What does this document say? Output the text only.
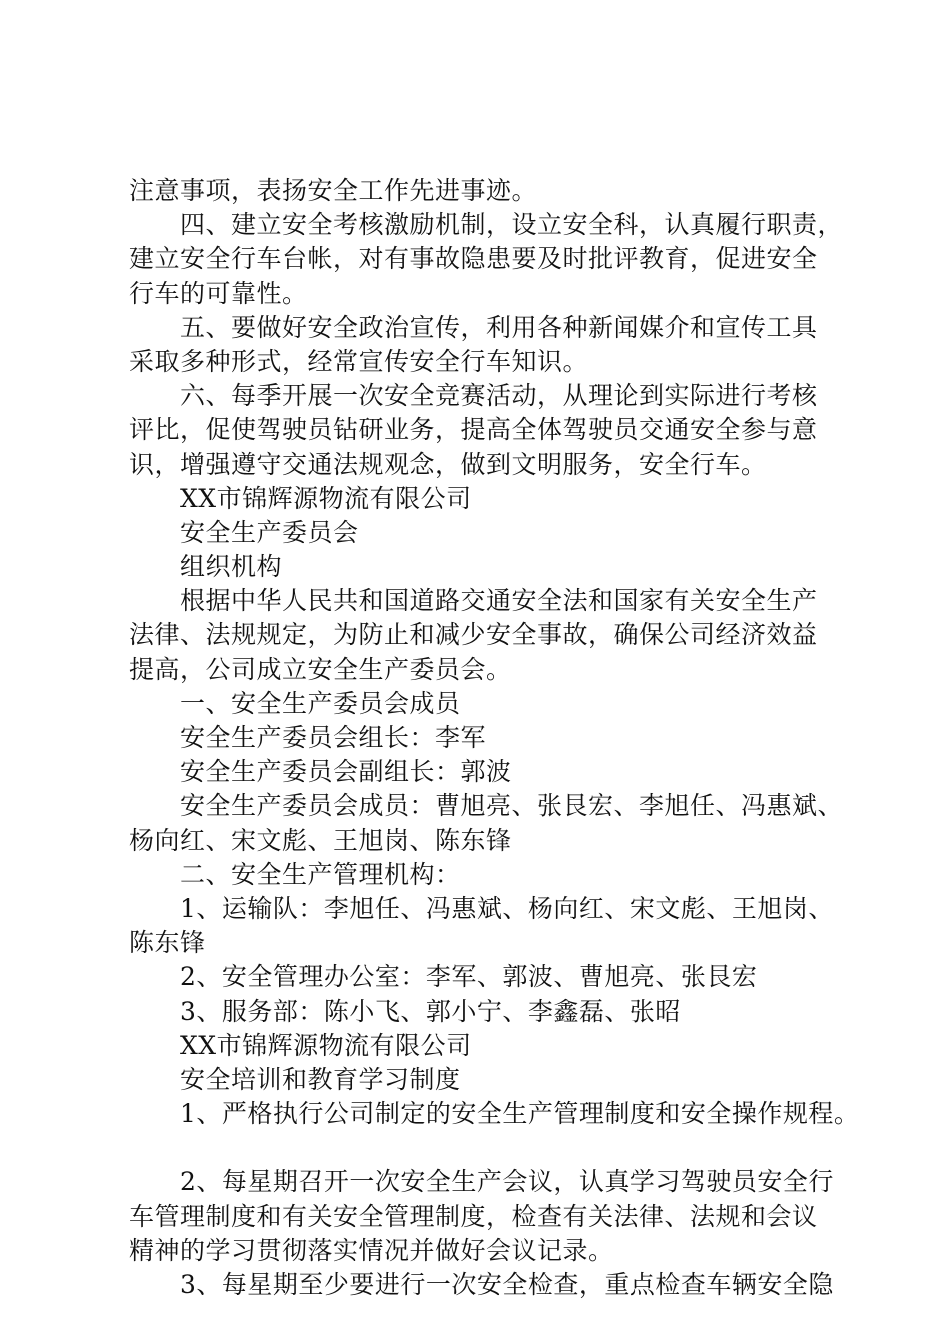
注意事项，表扬安全工作先进事迹。
四、建立安全考核激励机制，设立安全科，认真履行职责，
建立安全行车台帐，对有事故隐患要及时批评教育，促进安全
行车的可靠性。
五、要做好安全政治宣传，利用各种新闻媒介和宣传工具
采取多种形式，经常宣传安全行车知识。
六、每季开展一次安全竞赛活动，从理论到实际进行考核
评比，促使驾驶员钻研业务，提高全体驾驶员交通安全参与意
识，增强遵守交通法规观念，做到文明服务，安全行车。
XX市锦辉源物流有限公司
安全生产委员会
组织机构
根据中华人民共和国道路交通安全法和国家有关安全生产
法律、法规规定，为防止和减少安全事故，确保公司经济效益
提高，公司成立安全生产委员会。
一、安全生产委员会成员
安全生产委员会组长：李军
安全生产委员会副组长：郭波
安全生产委员会成员：曹旭亮、张艮宏、李旭任、冯惠斌、
杨向红、宋文彪、王旭岗、陈东锋
二、安全生产管理机构：
1、运输队：李旭任、冯惠斌、杨向红、宋文彪、王旭岗、
陈东锋
2、安全管理办公室：李军、郭波、曹旭亮、张艮宏
3、服务部：陈小飞、郭小宁、李鑫磊、张昭
XX市锦辉源物流有限公司
安全培训和教育学习制度
1、严格执行公司制定的安全生产管理制度和安全操作规程。
2、每星期召开一次安全生产会议，认真学习驾驶员安全行
车管理制度和有关安全管理制度，检查有关法律、法规和会议
精神的学习贯彻落实情况并做好会议记录。
3、每星期至少要进行一次安全检查，重点检查车辆安全隐
